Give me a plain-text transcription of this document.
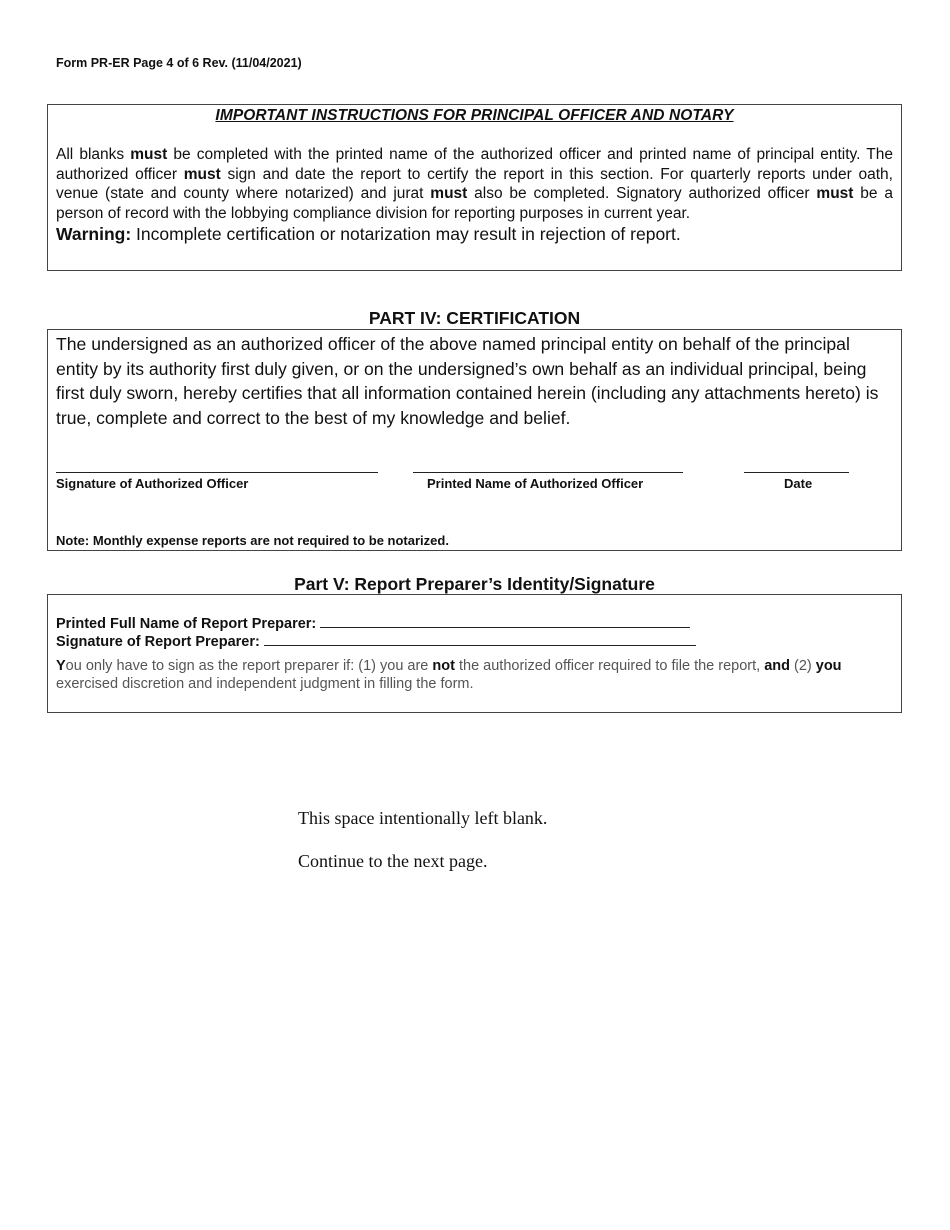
Form PR-ER Page 4 of 6 Rev. (11/04/2021)
IMPORTANT INSTRUCTIONS FOR PRINCIPAL OFFICER AND NOTARY
All blanks must be completed with the printed name of the authorized officer and printed name of principal entity. The authorized officer must sign and date the report to certify the report in this section. For quarterly reports under oath, venue (state and county where notarized) and jurat must also be completed. Signatory authorized officer must be a person of record with the lobbying compliance division for reporting purposes in current year.
Warning: Incomplete certification or notarization may result in rejection of report.
PART IV: CERTIFICATION
The undersigned as an authorized officer of the above named principal entity on behalf of the principal entity by its authority first duly given, or on the undersigned’s own behalf as an individual principal, being first duly sworn, hereby certifies that all information contained herein (including any attachments hereto) is true, complete and correct to the best of my knowledge and belief.
Signature of Authorized Officer	Printed Name of Authorized Officer	Date
Note: Monthly expense reports are not required to be notarized.
Part V: Report Preparer’s Identity/Signature
Printed Full Name of Report Preparer:
Signature of Report Preparer:
You only have to sign as the report preparer if: (1) you are not the authorized officer required to file the report, and (2) you exercised discretion and independent judgment in filling the form.
This space intentionally left blank.
Continue to the next page.
